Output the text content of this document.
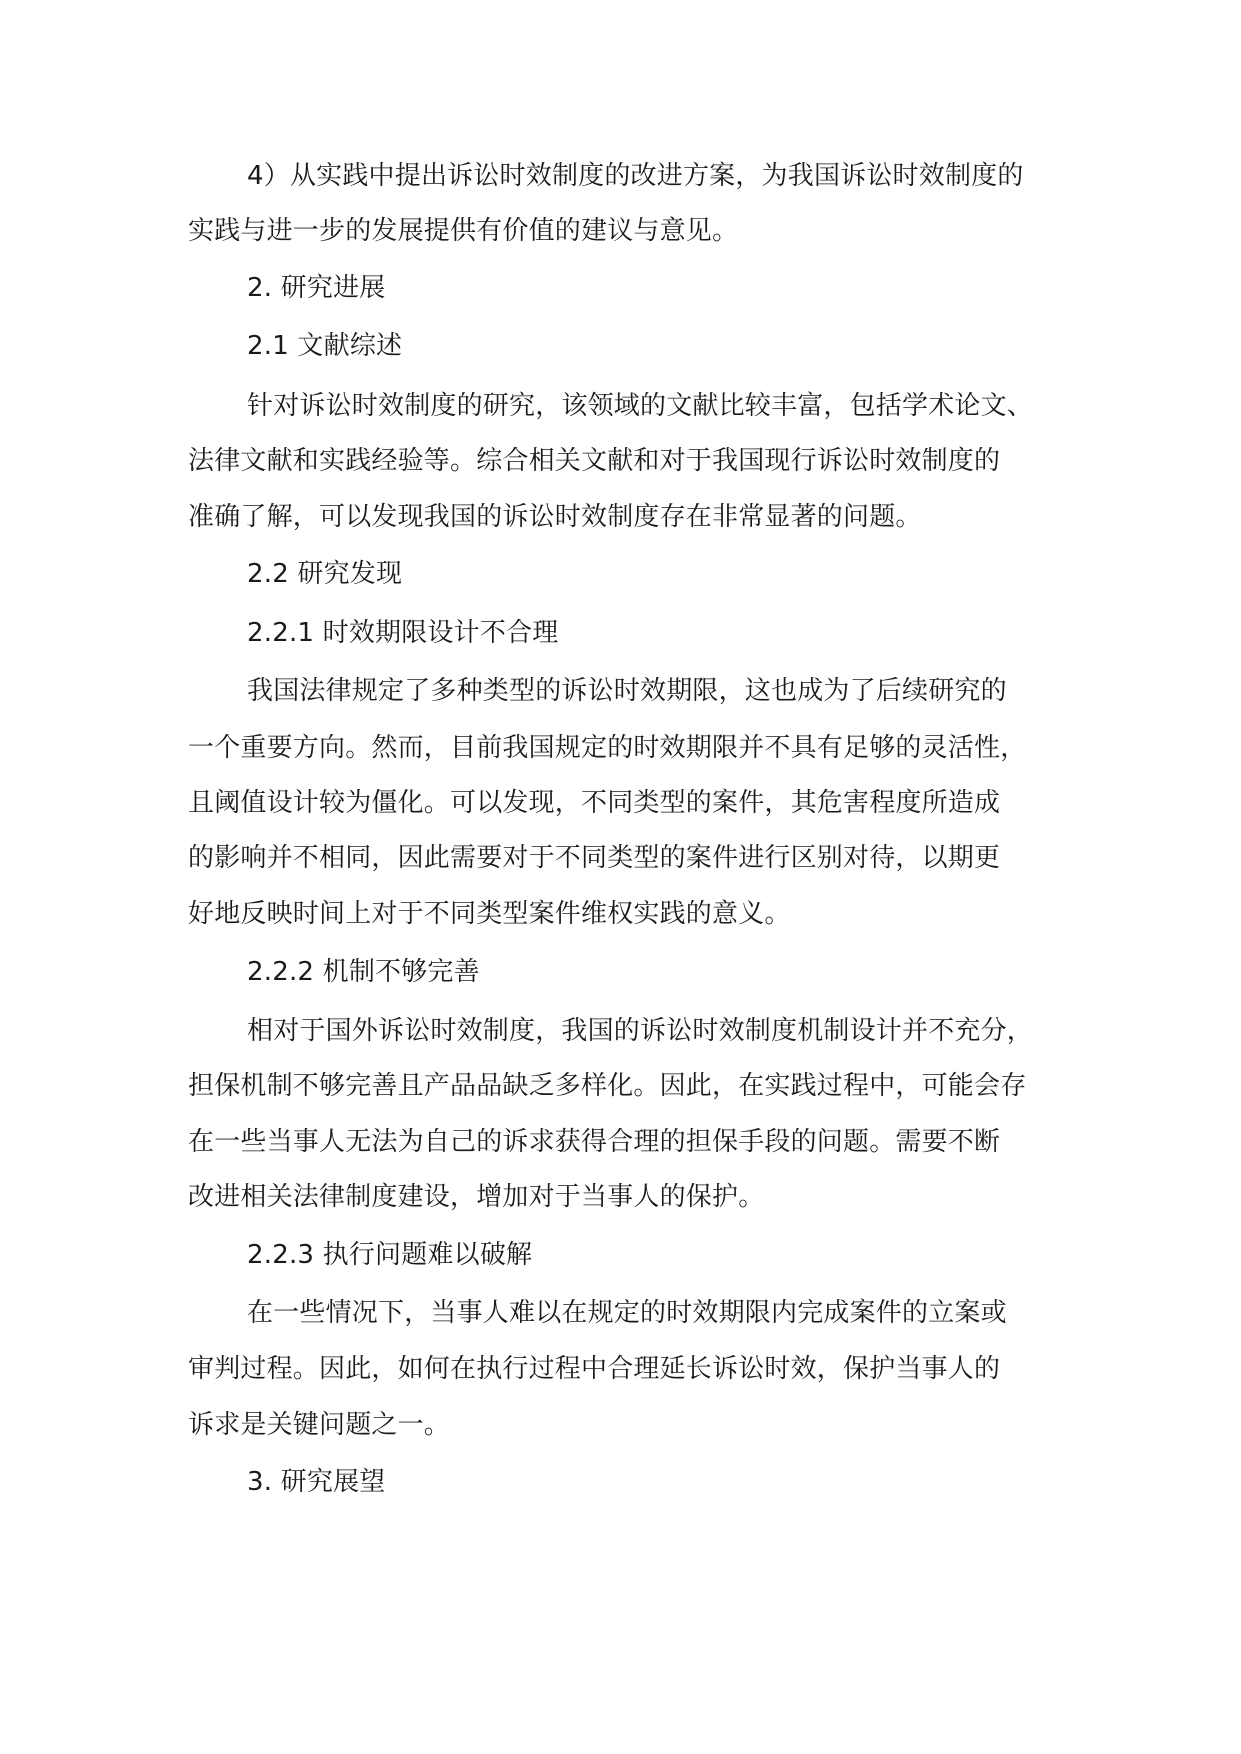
4）从实践中提出诉讼时效制度的改进方案，为我国诉讼时效制度的

实践与进一步的发展提供有价值的建议与意见。

2. 研究进展

2.1 文献综述

针对诉讼时效制度的研究，该领域的文献比较丰富，包括学术论文、

法律文献和实践经验等。综合相关文献和对于我国现行诉讼时效制度的

准确了解，可以发现我国的诉讼时效制度存在非常显著的问题。

2.2 研究发现

2.2.1 时效期限设计不合理

我国法律规定了多种类型的诉讼时效期限，这也成为了后续研究的

一个重要方向。然而，目前我国规定的时效期限并不具有足够的灵活性，

且阈值设计较为僵化。可以发现，不同类型的案件，其危害程度所造成

的影响并不相同，因此需要对于不同类型的案件进行区别对待，以期更

好地反映时间上对于不同类型案件维权实践的意义。

2.2.2 机制不够完善

相对于国外诉讼时效制度，我国的诉讼时效制度机制设计并不充分，

担保机制不够完善且产品品缺乏多样化。因此，在实践过程中，可能会存

在一些当事人无法为自己的诉求获得合理的担保手段的问题。需要不断

改进相关法律制度建设，增加对于当事人的保护。

2.2.3 执行问题难以破解

在一些情况下，当事人难以在规定的时效期限内完成案件的立案或

审判过程。因此，如何在执行过程中合理延长诉讼时效，保护当事人的

诉求是关键问题之一。

3. 研究展望
